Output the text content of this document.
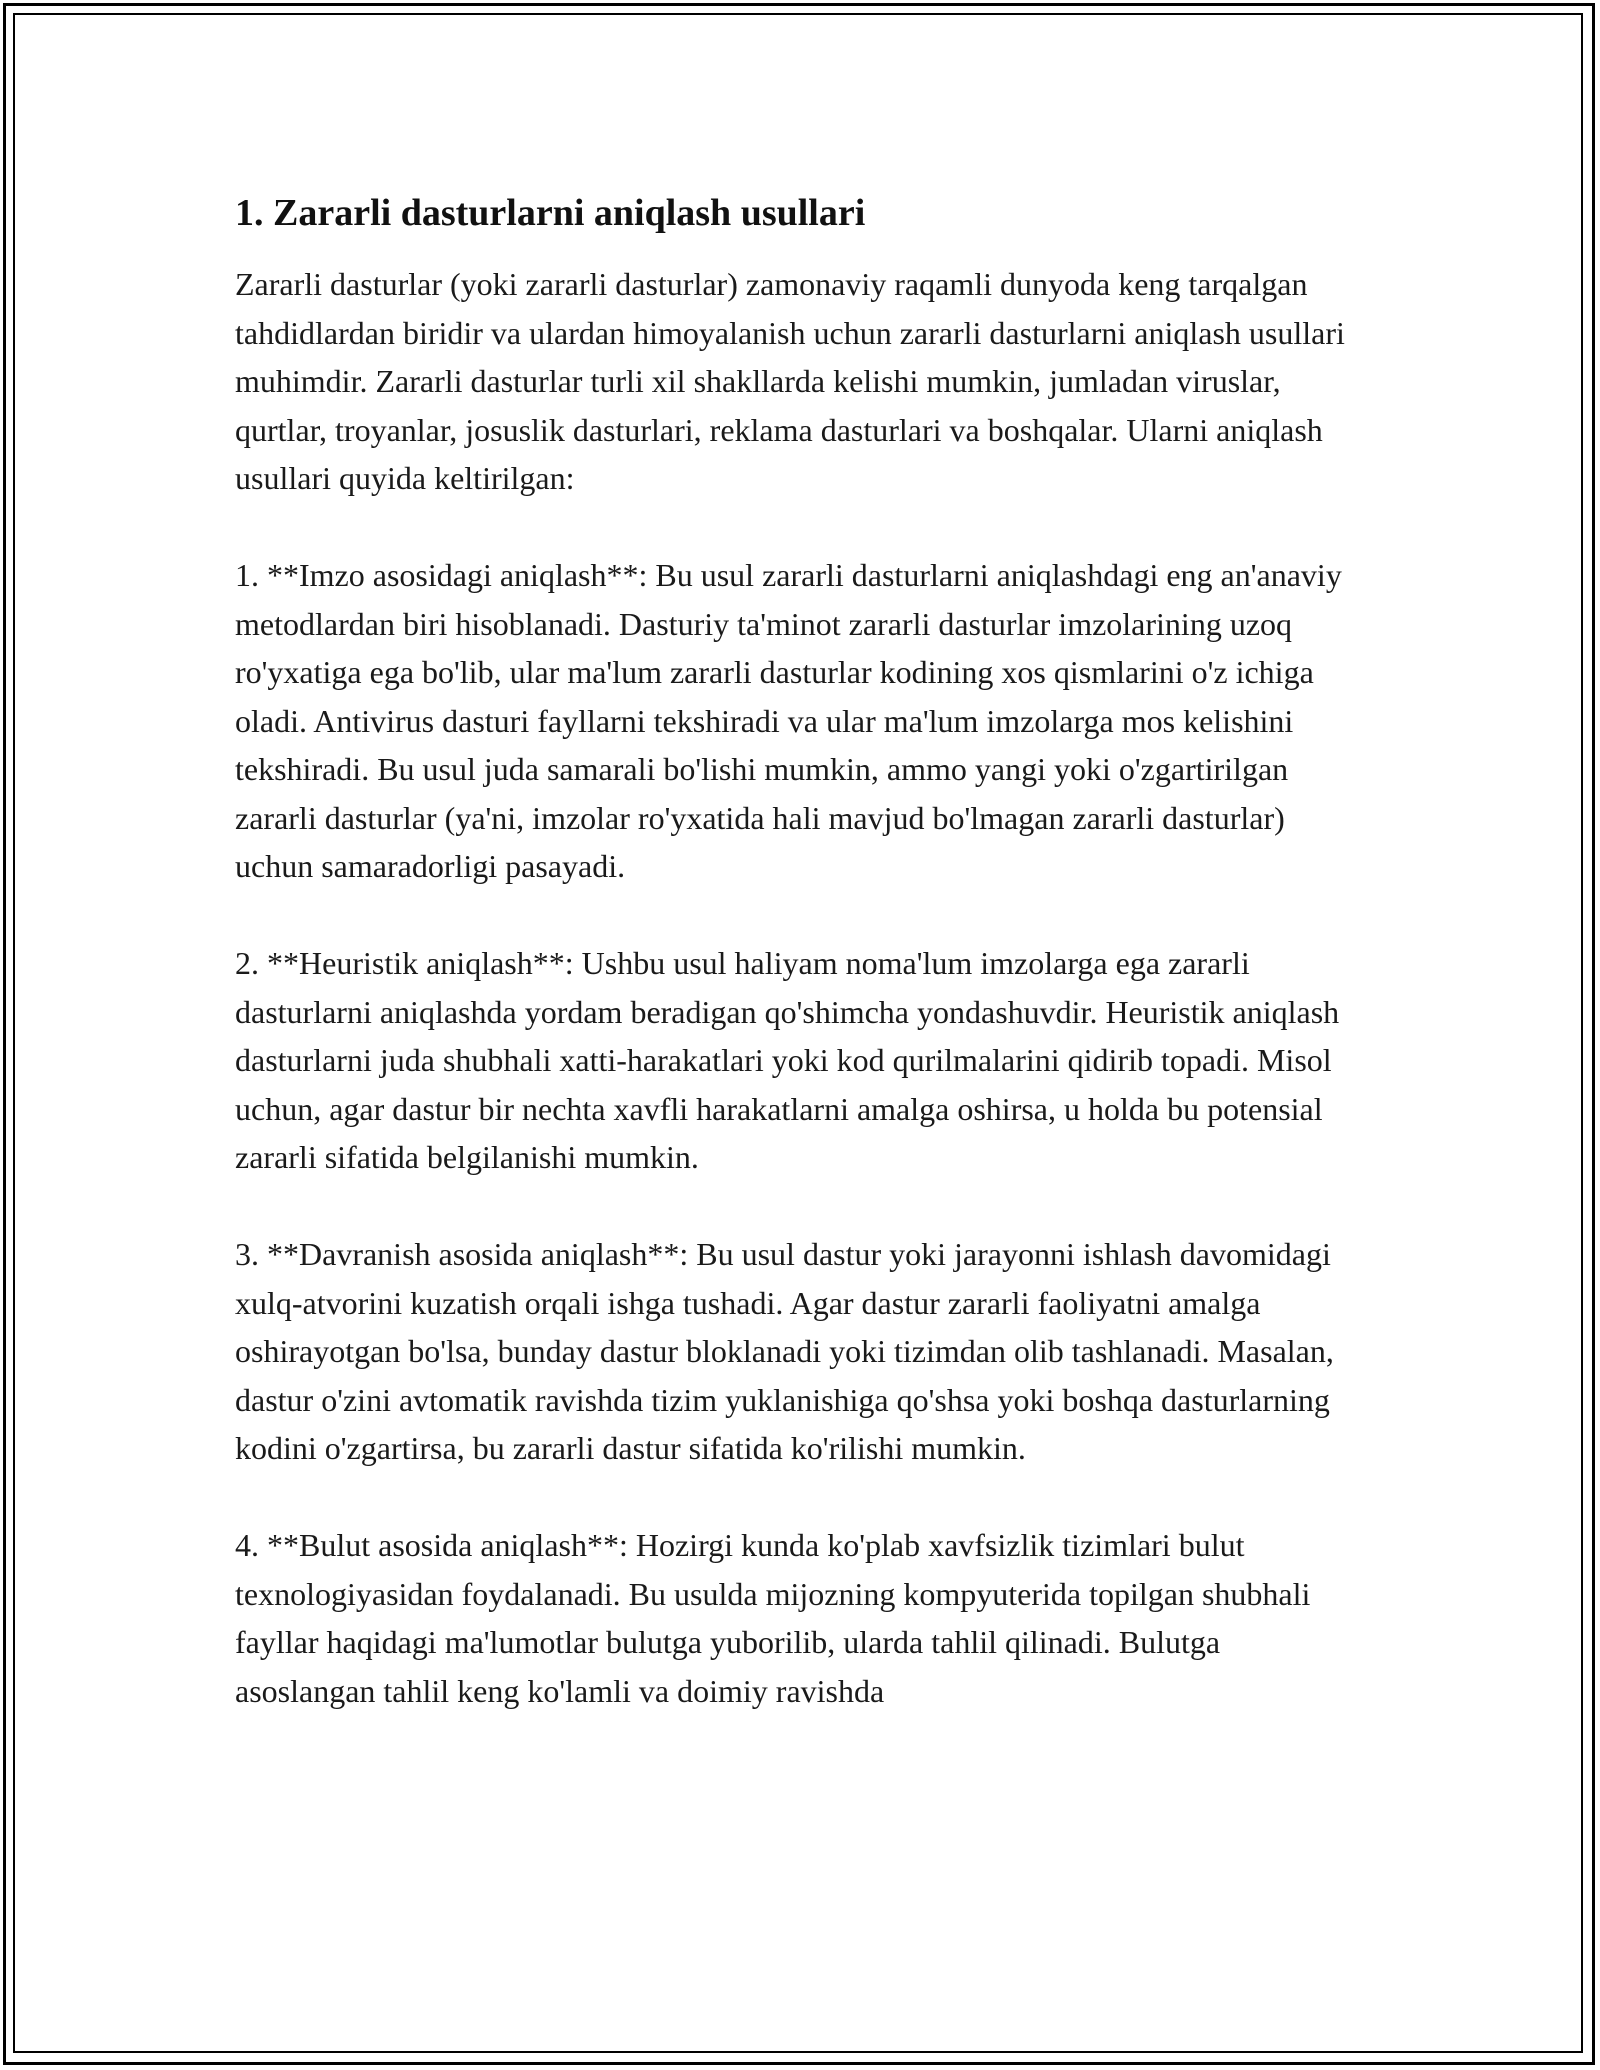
1. Zararli dasturlarni aniqlash usullari

Zararli dasturlar (yoki zararli dasturlar) zamonaviy raqamli dunyoda keng tarqalgan tahdidlardan biridir va ulardan himoyalanish uchun zararli dasturlarni aniqlash usullari muhimdir. Zararli dasturlar turli xil shakllarda kelishi mumkin, jumladan viruslar, qurtlar, troyanlar, josuslik dasturlari, reklama dasturlari va boshqalar. Ularni aniqlash usullari quyida keltirilgan:

1. **Imzo asosidagi aniqlash**: Bu usul zararli dasturlarni aniqlashdagi eng an'anaviy metodlardan biri hisoblanadi. Dasturiy ta'minot zararli dasturlar imzolarining uzoq ro'yxatiga ega bo'lib, ular ma'lum zararli dasturlar kodining xos qismlarini o'z ichiga oladi. Antivirus dasturi fayllarni tekshiradi va ular ma'lum imzolarga mos kelishini tekshiradi. Bu usul juda samarali bo'lishi mumkin, ammo yangi yoki o'zgartirilgan zararli dasturlar (ya'ni, imzolar ro'yxatida hali mavjud bo'lmagan zararli dasturlar) uchun samaradorligi pasayadi.

2. **Heuristik aniqlash**: Ushbu usul haliyam noma'lum imzolarga ega zararli dasturlarni aniqlashda yordam beradigan qo'shimcha yondashuvdir. Heuristik aniqlash dasturlarni juda shubhali xatti-harakatlari yoki kod qurilmalarini qidirib topadi. Misol uchun, agar dastur bir nechta xavfli harakatlarni amalga oshirsa, u holda bu potensial zararli sifatida belgilanishi mumkin.

3. **Davranish asosida aniqlash**: Bu usul dastur yoki jarayonni ishlash davomidagi xulq-atvorini kuzatish orqali ishga tushadi. Agar dastur zararli faoliyatni amalga oshirayotgan bo'lsa, bunday dastur bloklanadi yoki tizimdan olib tashlanadi. Masalan, dastur o'zini avtomatik ravishda tizim yuklanishiga qo'shsa yoki boshqa dasturlarning kodini o'zgartirsa, bu zararli dastur sifatida ko'rilishi mumkin.

4. **Bulut asosida aniqlash**: Hozirgi kunda ko'plab xavfsizlik tizimlari bulut texnologiyasidan foydalanadi. Bu usulda mijozning kompyuterida topilgan shubhali fayllar haqidagi ma'lumotlar bulutga yuborilib, ularda tahlil qilinadi. Bulutga asoslangan tahlil keng ko'lamli va doimiy ravishda
